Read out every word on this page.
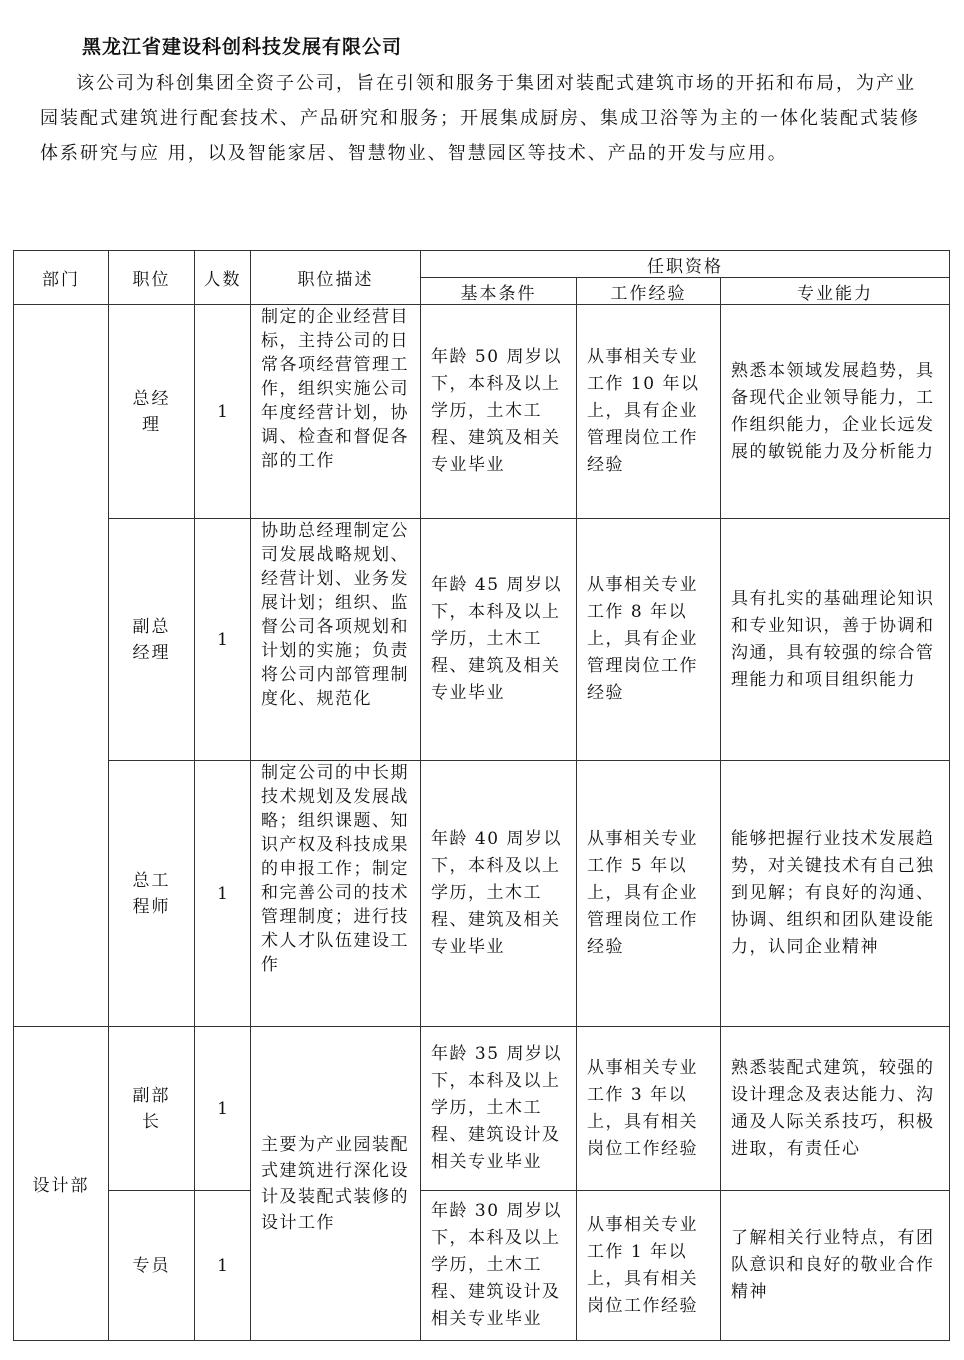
黑龙江省建设科创科技发展有限公司

该公司为科创集团全资子公司，旨在引领和服务于集团对装配式建筑市场的开拓和布局，为产业园装配式建筑进行配套技术、产品研究和服务；开展集成厨房、集成卫浴等为主的一体化装配式装修体系研究与应 用，以及智能家居、智慧物业、智慧园区等技术、产品的开发与应用。

部门	职位	人数	职位描述	任职资格		
				基本条件	工作经验	专业能力
	总经理	1	制定的企业经营目标，主持公司的日常各项经营管理工作，组织实施公司年度经营计划，协调、检查和督促各部的工作	年龄 50 周岁以下，本科及以上学历，土木工程、建筑及相关专业毕业	从事相关专业工作 10 年以上，具有企业管理岗位工作经验	熟悉本领域发展趋势，具备现代企业领导能力，工作组织能力，企业长远发展的敏锐能力及分析能力
	副总经理	1	协助总经理制定公司发展战略规划、经营计划、业务发展计划；组织、监督公司各项规划和计划的实施；负责将公司内部管理制度化、规范化	年龄 45 周岁以下，本科及以上学历，土木工程、建筑及相关专业毕业	从事相关专业工作 8 年以上，具有企业管理岗位工作经验	具有扎实的基础理论知识和专业知识，善于协调和沟通，具有较强的综合管理能力和项目组织能力
	总工程师	1	制定公司的中长期技术规划及发展战略；组织课题、知识产权及科技成果的申报工作；制定和完善公司的技术管理制度；进行技术人才队伍建设工作	年龄 40 周岁以下，本科及以上学历，土木工程、建筑及相关专业毕业	从事相关专业工作 5 年以上，具有企业管理岗位工作经验	能够把握行业技术发展趋势，对关键技术有自己独到见解；有良好的沟通、协调、组织和团队建设能力，认同企业精神
设计部	副部长	1	主要为产业园装配式建筑进行深化设计及装配式装修的设计工作	年龄 35 周岁以下，本科及以上学历，土木工程、建筑设计及相关专业毕业	从事相关专业工作 3 年以上，具有相关岗位工作经验	熟悉装配式建筑，较强的设计理念及表达能力、沟通及人际关系技巧，积极进取，有责任心
	专员	1		年龄 30 周岁以下，本科及以上学历，土木工程、建筑设计及相关专业毕业	从事相关专业工作 1 年以上，具有相关岗位工作经验	了解相关行业特点，有团队意识和良好的敬业合作精神
